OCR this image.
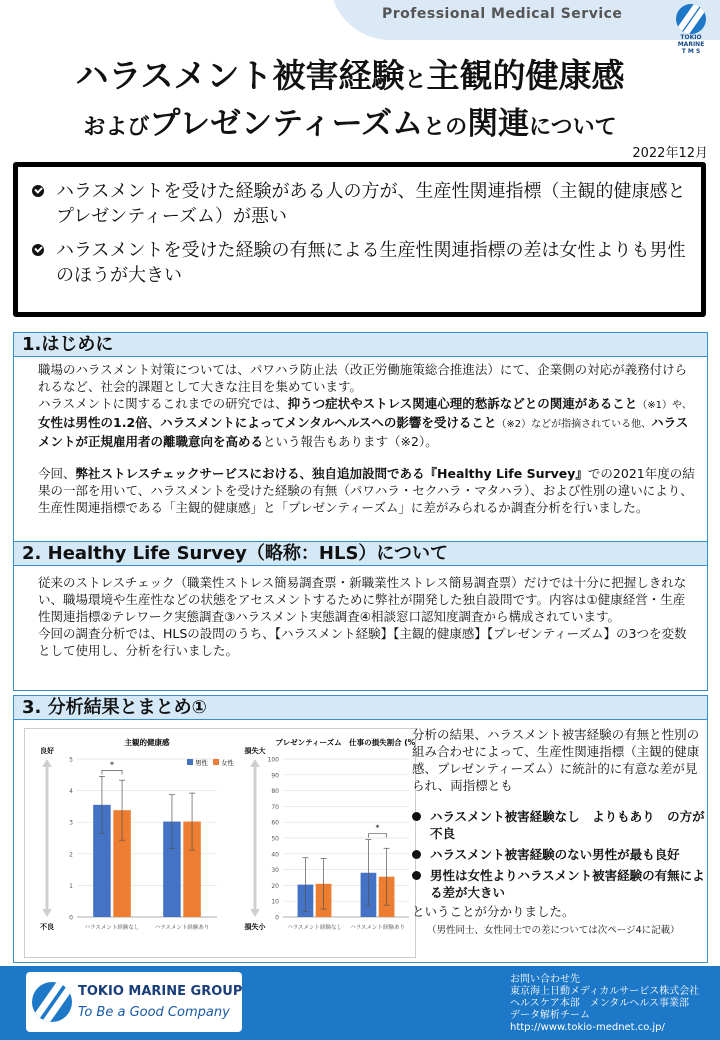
Professional Medical Service
TOKIO MARINE
T M S
ハラスメント被害経験と主観的健康感
およびプレゼンティーズムとの関連について
2022年12月
ハラスメントを受けた経験がある人の方が、生産性関連指標（主観的健康感とプレゼンティーズム）が悪い
ハラスメントを受けた経験の有無による生産性関連指標の差は女性よりも男性のほうが大きい
1.はじめに

職場のハラスメント対策については、パワハラ防止法（改正労働施策総合推進法）にて、企業側の対応が義務付けられるなど、社会的課題として大きな注目を集めています。

ハラスメントに関するこれまでの研究では、抑うつ症状やストレス関連心理的愁訴などとの関連があること（※1）や、女性は男性の1.2倍、ハラスメントによってメンタルヘルスへの影響を受けること（※2）などが指摘されている他、ハラスメントが正規雇用者の離職意向を高めるという報告もあります（※2）。

今回、弊社ストレスチェックサービスにおける、独自追加設問である『Healthy Life Survey』での2021年度の結果の一部を用いて、ハラスメントを受けた経験の有無（パワハラ・セクハラ・マタハラ）、および性別の違いにより、生産性関連指標である「主観的健康感」と「プレゼンティーズム」に差がみられるか調査分析を行いました。

2. Healthy Life Survey（略称：HLS）について

従来のストレスチェック（職業性ストレス簡易調査票・新職業性ストレス簡易調査票）だけでは十分に把握しきれない、職場環境や生産性などの状態をアセスメントするために弊社が開発した独自設問です。内容は①健康経営・生産性関連指標②テレワーク実態調査③ハラスメント実態調査④相談窓口認知度調査から構成されています。

今回の調査分析では、HLSの設問のうち、【ハラスメント経験】【主観的健康感】【プレゼンティーズム】の3つを変数として使用し、分析を行いました。

3. 分析結果とまとめ①
主観的健康感
0
1
2
3
4
5
良好
不良	ハラスメント経験なし	ハラスメント経験あり
*	男性 女性
プレゼンティーズム　仕事の損失割合 (%)
0
10
20
30
40
50
60
70
80
90
100
損失大
損失小	ハラスメント経験なし ハラスメント経験あり
*

分析の結果、ハラスメント被害経験の有無と性別の組み合わせによって、生産性関連指標（主観的健康感、プレゼンティーズム）に統計的に有意な差が見られ、両指標とも

ハラスメント被害経験なし　よりもあり　の方が不良
ハラスメント被害経験のない男性が最も良好
男性は女性よりハラスメント被害経験の有無による差が大きい

ということが分かりました。

（男性同士、女性同士での差については次ページ4に記載）

TOKIO MARINE GROUP
To Be a Good Company
お問い合わせ先
東京海上日動メディカルサービス株式会社
ヘルスケア本部　メンタルヘルス事業部
データ解析チーム
http://www.tokio-mednet.co.jp/
